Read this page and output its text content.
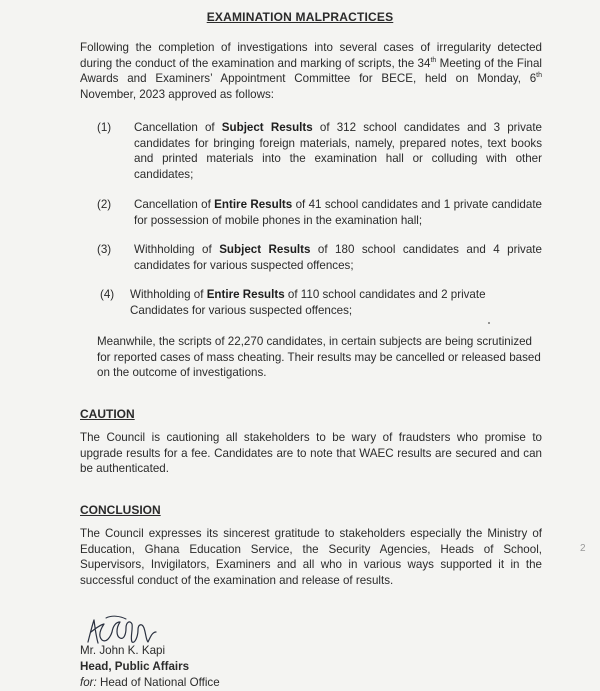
EXAMINATION MALPRACTICES
Following the completion of investigations into several cases of irregularity detected during the conduct of the examination and marking of scripts, the 34th Meeting of the Final Awards and Examiners’ Appointment Committee for BECE, held on Monday, 6th November, 2023 approved as follows:
(1) Cancellation of Subject Results of 312 school candidates and 3 private candidates for bringing foreign materials, namely, prepared notes, text books and printed materials into the examination hall or colluding with other candidates;
(2) Cancellation of Entire Results of 41 school candidates and 1 private candidate for possession of mobile phones in the examination hall;
(3) Withholding of Subject Results of 180 school candidates and 4 private candidates for various suspected offences;
(4) Withholding of Entire Results of 110 school candidates and 2 private Candidates for various suspected offences;
Meanwhile, the scripts of 22,270 candidates, in certain subjects are being scrutinized for reported cases of mass cheating. Their results may be cancelled or released based on the outcome of investigations.
CAUTION
The Council is cautioning all stakeholders to be wary of fraudsters who promise to upgrade results for a fee. Candidates are to note that WAEC results are secured and can be authenticated.
CONCLUSION
The Council expresses its sincerest gratitude to stakeholders especially the Ministry of Education, Ghana Education Service, the Security Agencies, Heads of School, Supervisors, Invigilators, Examiners and all who in various ways supported it in the successful conduct of the examination and release of results.
2
Mr. John K. Kapi
Head, Public Affairs
for: Head of National Office
